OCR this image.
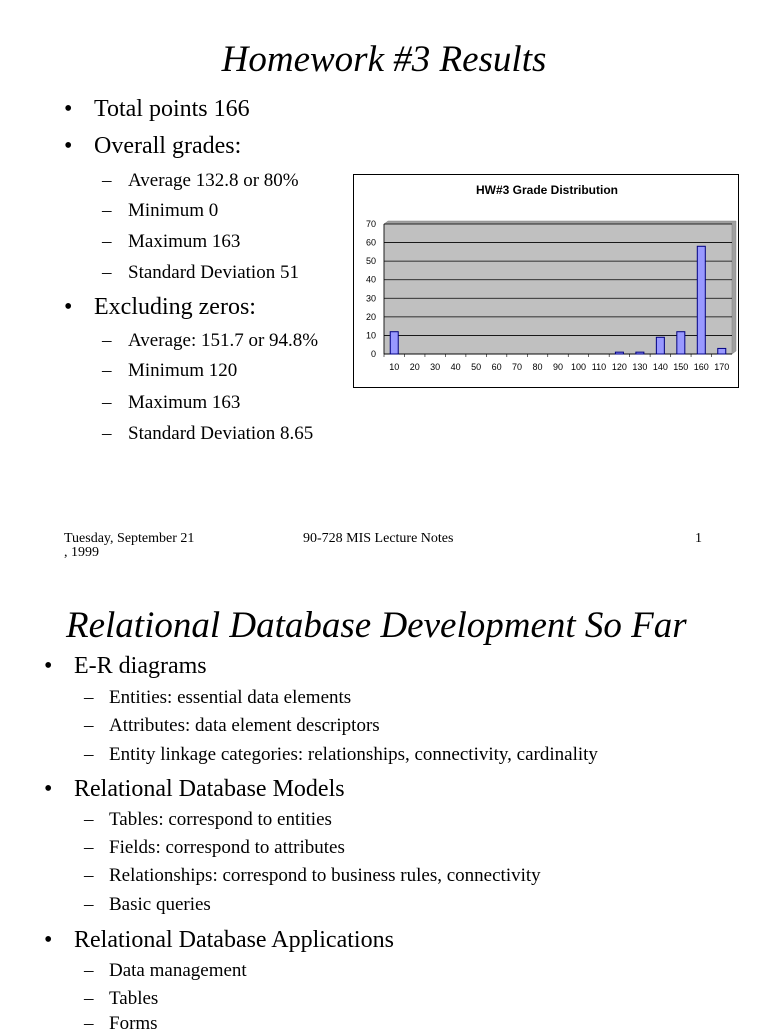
Homework #3 Results
• Total points 166
• Overall grades:
– Average 132.8 or 80%
– Minimum 0
– Maximum 163
– Standard Deviation 51
• Excluding zeros:
– Average: 151.7 or 94.8%
– Minimum 120
– Maximum 163
– Standard Deviation 8.65
HW#3 Grade Distribution
0
10
20
30
40
50
60
70
10 20 30 40 50 60 70 80 90 100 110 120 130 140 150 160 170
Tuesday, September 21
, 1999
90-728 MIS Lecture Notes	1
Relational Database Development So Far
• E-R diagrams
– Entities: essential data elements
– Attributes: data element descriptors
– Entity linkage categories: relationships, connectivity, cardinality
• Relational Database Models
– Tables: correspond to entities
– Fields: correspond to attributes
– Relationships: correspond to business rules, connectivity
– Basic queries
• Relational Database Applications
– Data management
– Tables
– Forms
